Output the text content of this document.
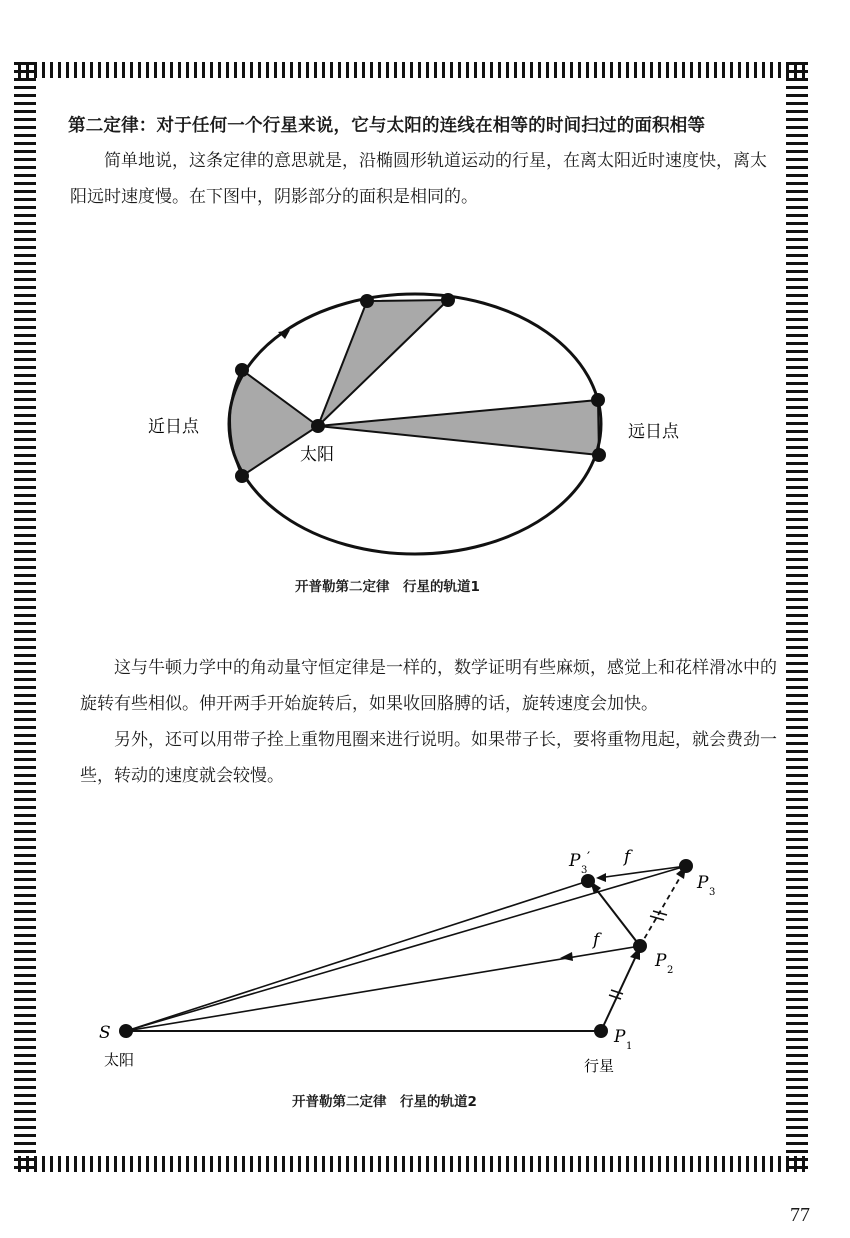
第二定律：对于任何一个行星来说，它与太阳的连线在相等的时间扫过的面积相等

简单地说，这条定律的意思就是，沿椭圆形轨道运动的行星，在离太阳近时速度快，离太阳远时速度慢。在下图中，阴影部分的面积是相同的。

近日点	远日点
太阳
开普勒第二定律　行星的轨道1

这与牛顿力学中的角动量守恒定律是一样的，数学证明有些麻烦，感觉上和花样滑冰中的旋转有些相似。伸开两手开始旋转后，如果收回胳膊的话，旋转速度会加快。

另外，还可以用带子拴上重物甩圈来进行说明。如果带子长，要将重物甩起，就会费劲一些，转动的速度就会较慢。

S
太阳	行星
P 1
P 2
P 3
P 3
′ f
f
开普勒第二定律　行星的轨道2
77
